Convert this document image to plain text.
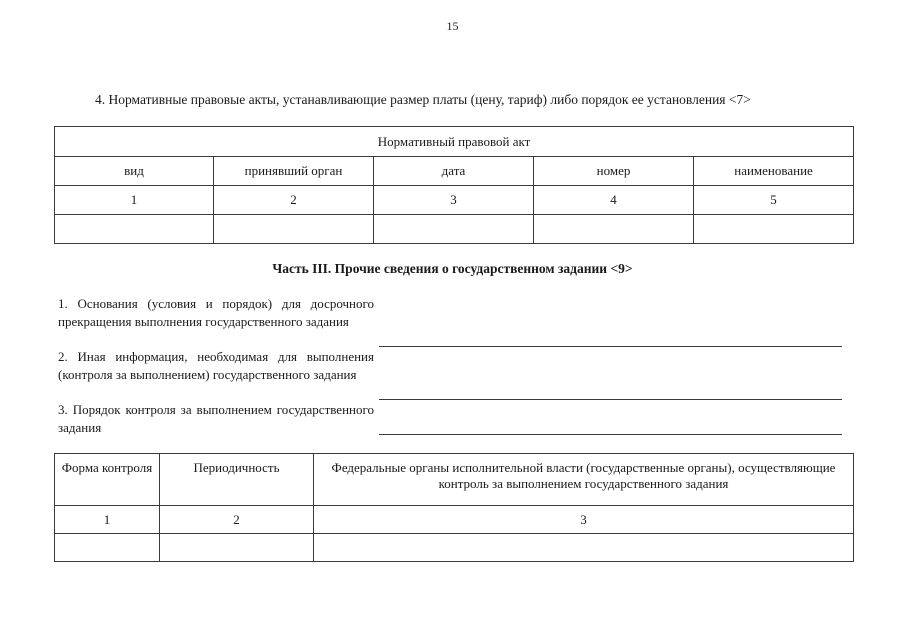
15
4. Нормативные правовые акты, устанавливающие размер платы (цену, тариф) либо порядок ее установления <7>
Нормативный правовой акт				
вид	принявший орган	дата	номер	наименование
1	2	3	4	5

Часть III. Прочие сведения о государственном задании <9>
1. Основания (условия и порядок) для досрочного прекращения выполнения государственного задания
2. Иная информация, необходимая для выполнения (контроля за выполнением) государственного задания
3. Порядок контроля за выполнением государственного задания
Форма контроля	Периодичность	Федеральные органы исполнительной власти (государственные органы), осуществляющие контроль за выполнением государственного задания
1	2	3
